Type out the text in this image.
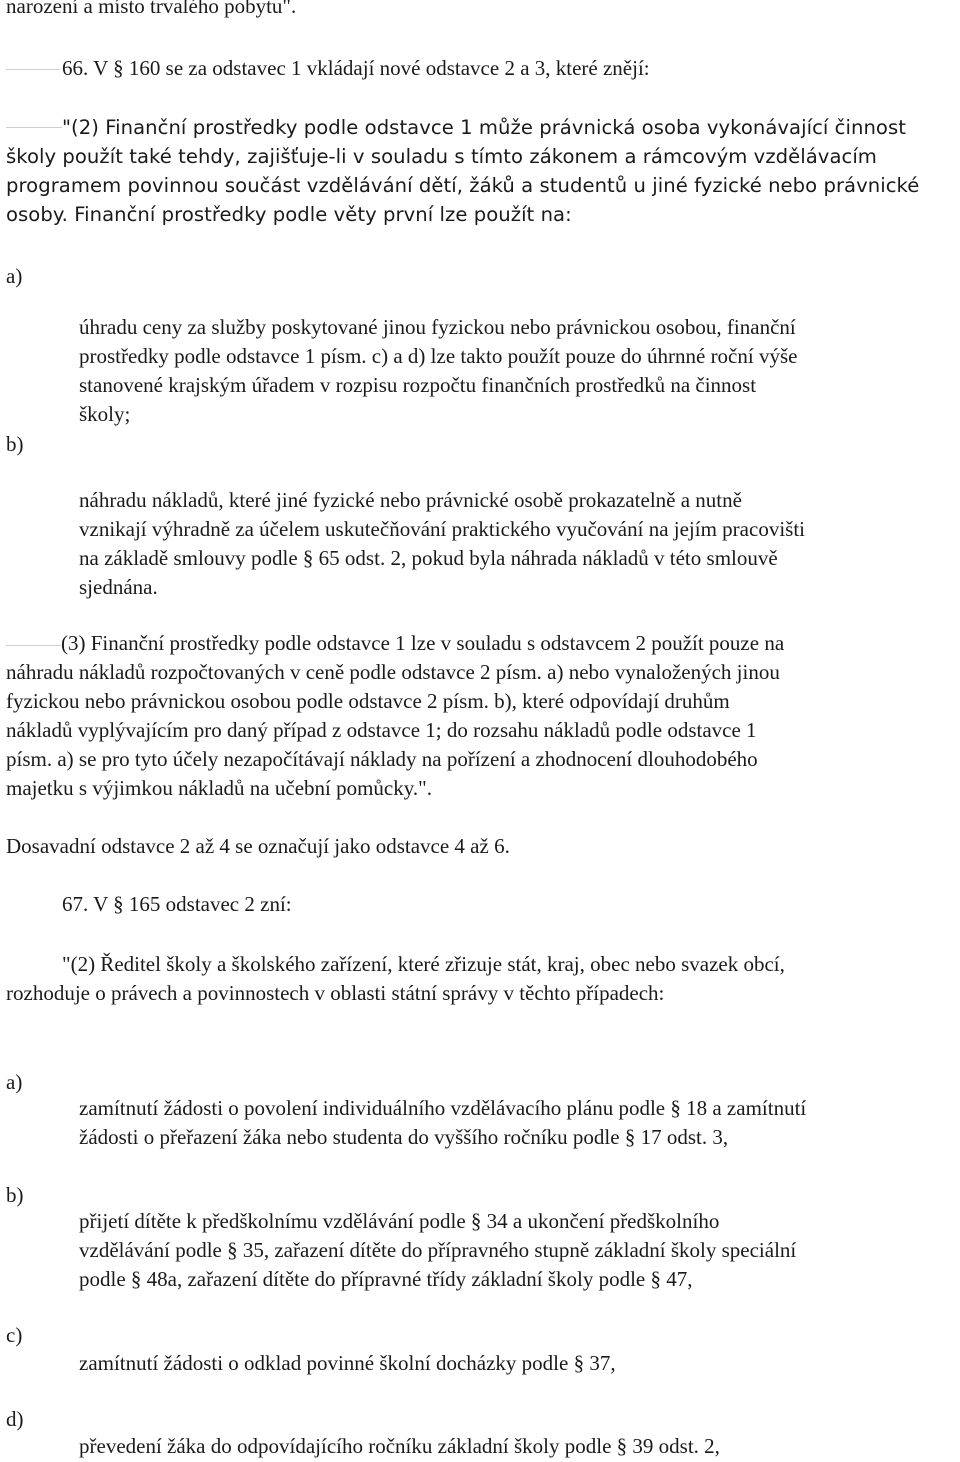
narození a místo trvalého pobytu".
66. V § 160 se za odstavec 1 vkládají nové odstavce 2 a 3, které znějí:
"(2) Finanční prostředky podle odstavce 1 může právnická osoba vykonávající činnost
školy použít také tehdy, zajišťuje-li v souladu s tímto zákonem a rámcovým vzdělávacím
programem povinnou součást vzdělávání dětí, žáků a studentů u jiné fyzické nebo právnické
osoby. Finanční prostředky podle věty první lze použít na:
a)
úhradu ceny za služby poskytované jinou fyzickou nebo právnickou osobou, finanční
prostředky podle odstavce 1 písm. c) a d) lze takto použít pouze do úhrnné roční výše
stanovené krajským úřadem v rozpisu rozpočtu finančních prostředků na činnost
školy;
b)
náhradu nákladů, které jiné fyzické nebo právnické osobě prokazatelně a nutně
vznikají výhradně za účelem uskutečňování praktického vyučování na jejím pracovišti
na základě smlouvy podle § 65 odst. 2, pokud byla náhrada nákladů v této smlouvě
sjednána.
(3) Finanční prostředky podle odstavce 1 lze v souladu s odstavcem 2 použít pouze na
náhradu nákladů rozpočtovaných v ceně podle odstavce 2 písm. a) nebo vynaložených jinou
fyzickou nebo právnickou osobou podle odstavce 2 písm. b), které odpovídají druhům
nákladů vyplývajícím pro daný případ z odstavce 1; do rozsahu nákladů podle odstavce 1
písm. a) se pro tyto účely nezapočítávají náklady na pořízení a zhodnocení dlouhodobého
majetku s výjimkou nákladů na učební pomůcky.".
Dosavadní odstavce 2 až 4 se označují jako odstavce 4 až 6.
67. V § 165 odstavec 2 zní:
"(2) Ředitel školy a školského zařízení, které zřizuje stát, kraj, obec nebo svazek obcí,
rozhoduje o právech a povinnostech v oblasti státní správy v těchto případech:
a)
zamítnutí žádosti o povolení individuálního vzdělávacího plánu podle § 18 a zamítnutí
žádosti o přeřazení žáka nebo studenta do vyššího ročníku podle § 17 odst. 3,
b)
přijetí dítěte k předškolnímu vzdělávání podle § 34 a ukončení předškolního
vzdělávání podle § 35, zařazení dítěte do přípravného stupně základní školy speciální
podle § 48a, zařazení dítěte do přípravné třídy základní školy podle § 47,
c)
zamítnutí žádosti o odklad povinné školní docházky podle § 37,
d)
převedení žáka do odpovídajícího ročníku základní školy podle § 39 odst. 2,
